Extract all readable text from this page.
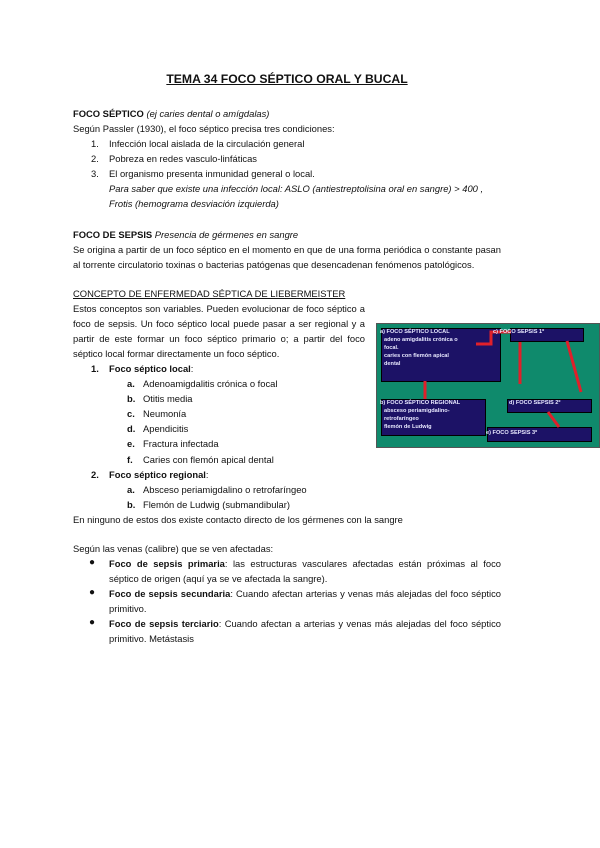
TEMA 34 FOCO SÉPTICO ORAL Y BUCAL

FOCO SÉPTICO (ej caries dental o amígdalas)

Según Passler (1930), el foco séptico precisa tres condiciones:

1. Infección local aislada de la circulación general
2. Pobreza en redes vasculo-linfáticas
3. El organismo presenta inmunidad general o local.
Para saber que existe una infección local: ASLO (antiestreptolisina oral en sangre) > 400 ,
Frotis (hemograma desviación izquierda)

FOCO DE SEPSIS Presencia de gérmenes en sangre

Se origina a partir de un foco séptico en el momento en que de una forma periódica o constante pasan al torrente circulatorio toxinas o bacterias patógenas que desencadenan fenómenos patológicos.

CONCEPTO DE ENFERMEDAD SÉPTICA DE LIEBERMEISTER

Estos conceptos son variables. Pueden evolucionar de foco séptico a foco de sepsis. Un foco séptico local puede pasar a ser regional y a partir de este formar un foco séptico primario o; a partir del foco séptico local formar directamente un foco séptico.

1. Foco séptico local:
a. Adenoamigdalitis crónica o focal
b. Otitis media
c. Neumonía
d. Apendicitis
e. Fractura infectada
f. Caries con flemón apical dental
2. Foco séptico regional:
a. Absceso periamigdalino o retrofaríngeo
b. Flemón de Ludwig (submandibular)

En ninguno de estos dos existe contacto directo de los gérmenes con la sangre

Según las venas (calibre) que se ven afectadas:

● Foco de sepsis primaria: las estructuras vasculares afectadas están próximas al foco séptico de origen (aquí ya se ve afectada la sangre).
● Foco de sepsis secundaria: Cuando afectan arterias y venas más alejadas del foco séptico primitivo.
● Foco de sepsis terciario: Cuando afectan a arterias y venas más alejadas del foco séptico primitivo. Metástasis
a) FOCO SÉPTICO LOCAL
adeno amigdalitis crónica o
focal.
caries con flemón apical
dental
c) FOCO SEPSIS 1º
b) FOCO SÉPTICO REGIONAL
absceso periamigdalino-
retrofaríngeo
flemón de Ludwig
d) FOCO SEPSIS 2º
e) FOCO SEPSIS 3º
